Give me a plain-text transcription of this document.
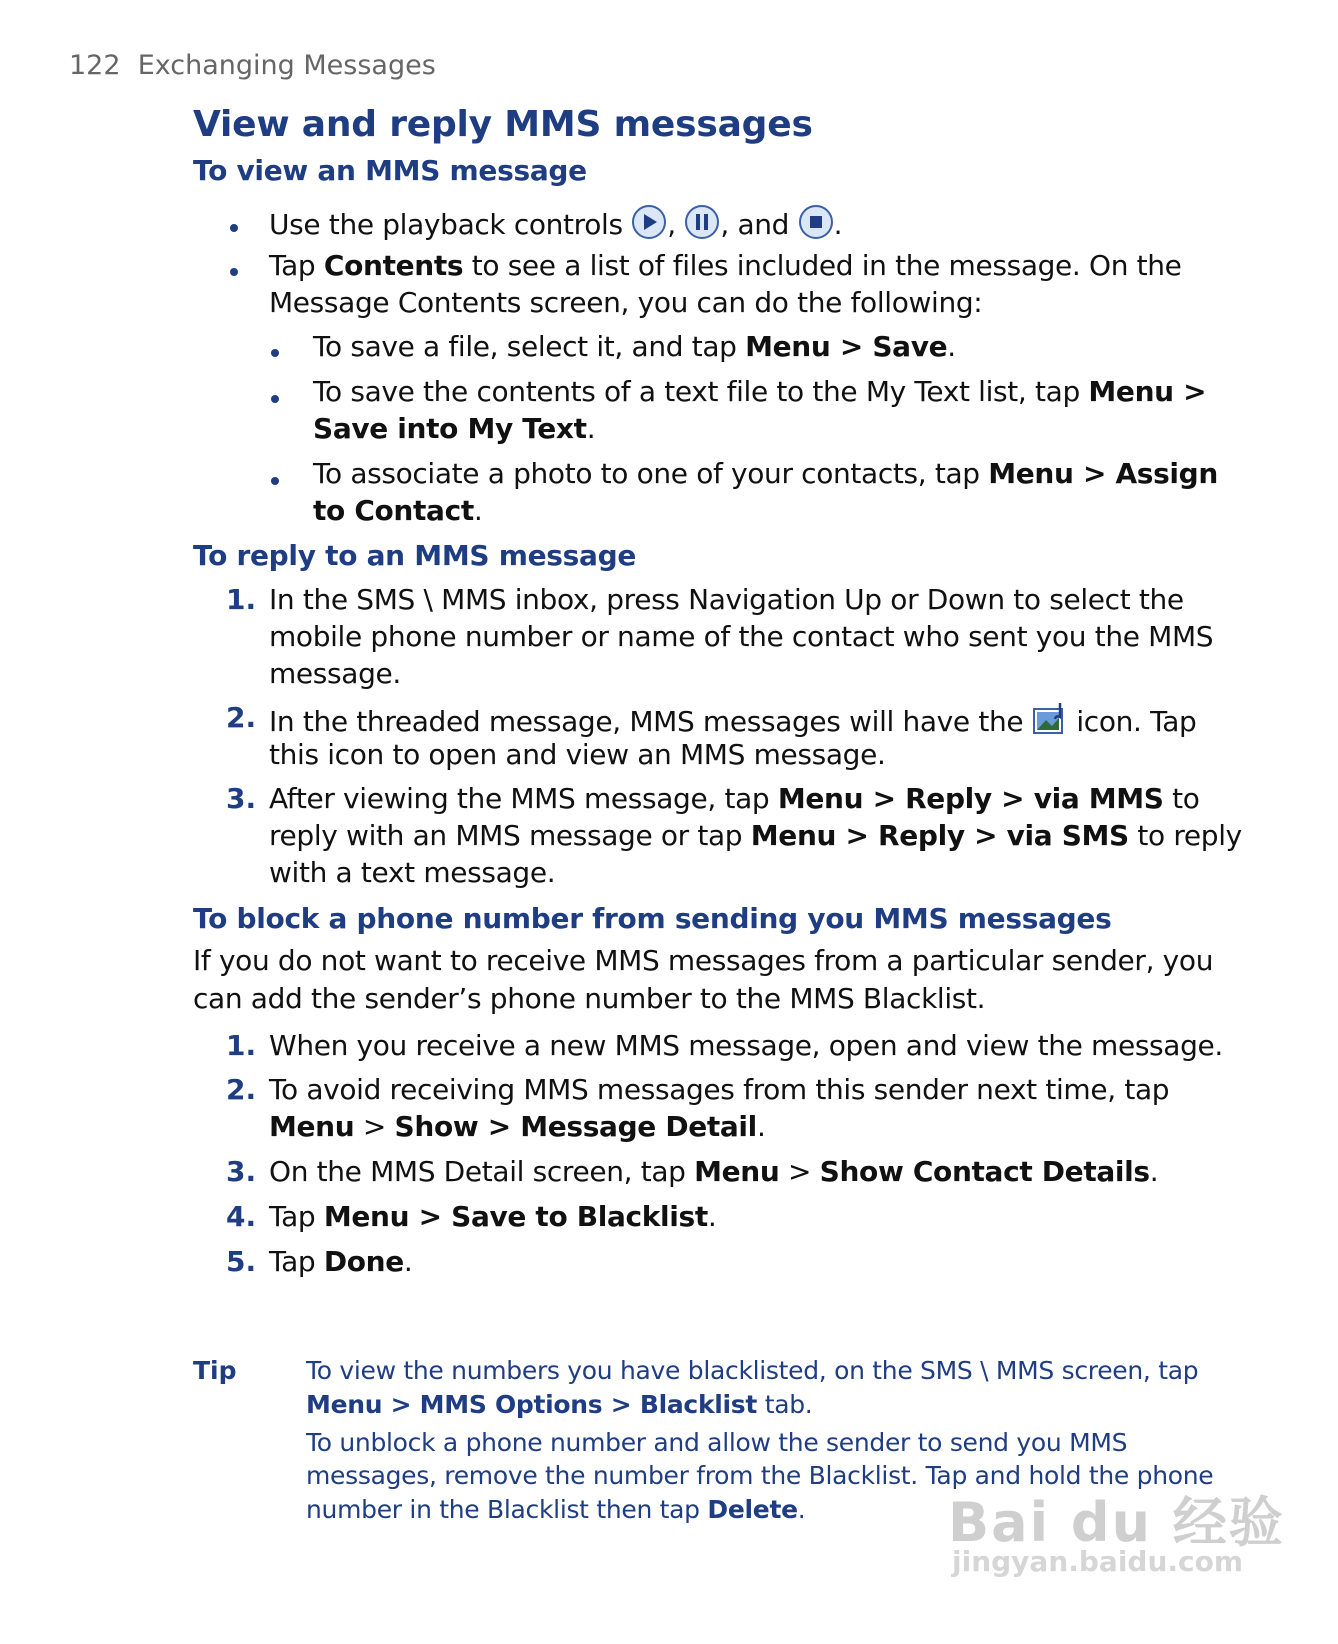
122 Exchanging Messages
View and reply MMS messages
To view an MMS message
Use the playback controls , , and .
Tap Contents to see a list of files included in the message. On the
Message Contents screen, you can do the following:
To save a file, select it, and tap Menu > Save.
To save the contents of a text file to the My Text list, tap Menu >
Save into My Text.
To associate a photo to one of your contacts, tap Menu > Assign
to Contact.
To reply to an MMS message
1. In the SMS \ MMS inbox, press Navigation Up or Down to select the
mobile phone number or name of the contact who sent you the MMS
message.
2. In the threaded message, MMS messages will have the icon. Tap
this icon to open and view an MMS message.
3. After viewing the MMS message, tap Menu > Reply > via MMS to
reply with an MMS message or tap Menu > Reply > via SMS to reply
with a text message.
To block a phone number from sending you MMS messages
If you do not want to receive MMS messages from a particular sender, you
can add the sender’s phone number to the MMS Blacklist.
1. When you receive a new MMS message, open and view the message.
2. To avoid receiving MMS messages from this sender next time, tap
Menu > Show > Message Detail.
3. On the MMS Detail screen, tap Menu > Show Contact Details.
4. Tap Menu > Save to Blacklist.
5. Tap Done.
Tip	To view the numbers you have blacklisted, on the SMS \ MMS screen, tap
Menu > MMS Options > Blacklist tab.
To unblock a phone number and allow the sender to send you MMS
messages, remove the number from the Blacklist. Tap and hold the phone
number in the Blacklist then tap Delete.	Bai du 经验
jingyan.baidu.com
